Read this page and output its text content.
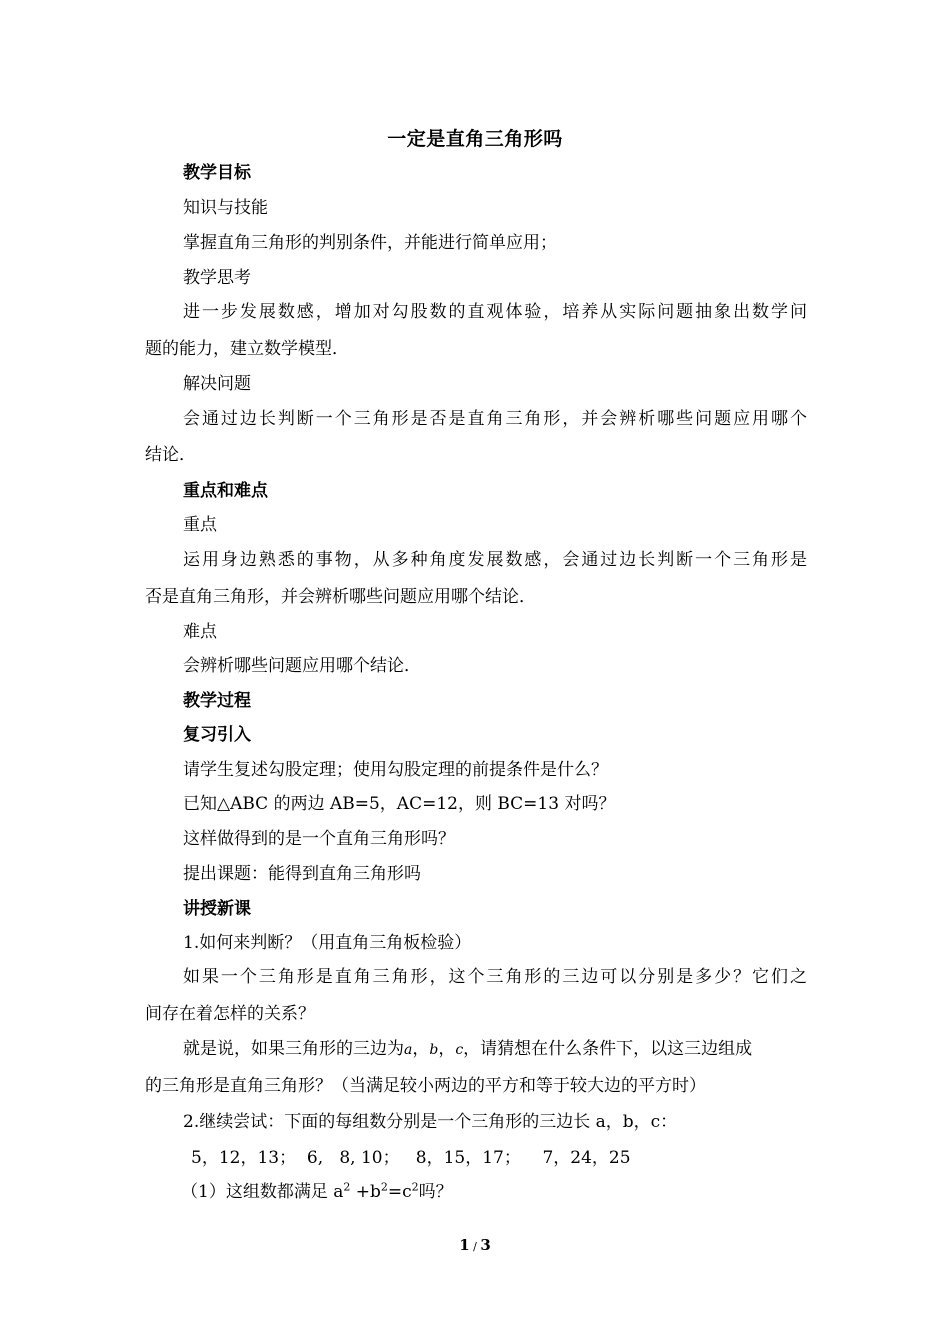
一定是直角三角形吗
教学目标
知识与技能
掌握直角三角形的判别条件，并能进行简单应用；
教学思考
进一步发展数感，增加对勾股数的直观体验，培养从实际问题抽象出数学问
题的能力，建立数学模型．
解决问题
会通过边长判断一个三角形是否是直角三角形，并会辨析哪些问题应用哪个
结论．
重点和难点
重点
运用身边熟悉的事物，从多种角度发展数感，会通过边长判断一个三角形是
否是直角三角形，并会辨析哪些问题应用哪个结论．
难点
会辨析哪些问题应用哪个结论．
教学过程
复习引入
请学生复述勾股定理；使用勾股定理的前提条件是什么？
已知△ABC 的两边 AB=5，AC=12，则 BC=13 对吗？
这样做得到的是一个直角三角形吗？
提出课题：能得到直角三角形吗
讲授新课
1.如何来判断？（用直角三角板检验）
如果一个三角形是直角三角形，这个三角形的三边可以分别是多少？它们之
间存在着怎样的关系？
就是说，如果三角形的三边为a，b，c，请猜想在什么条件下，以这三边组成
的三角形是直角三角形？（当满足较小两边的平方和等于较大边的平方时）
2.继续尝试：下面的每组数分别是一个三角形的三边长 a，b，c：
5，12，13；  6,   8, 10；   8，15，17；    7，24，25
（1）这组数都满足 $a^2 +b^2=c^2$吗？
1 / 3
